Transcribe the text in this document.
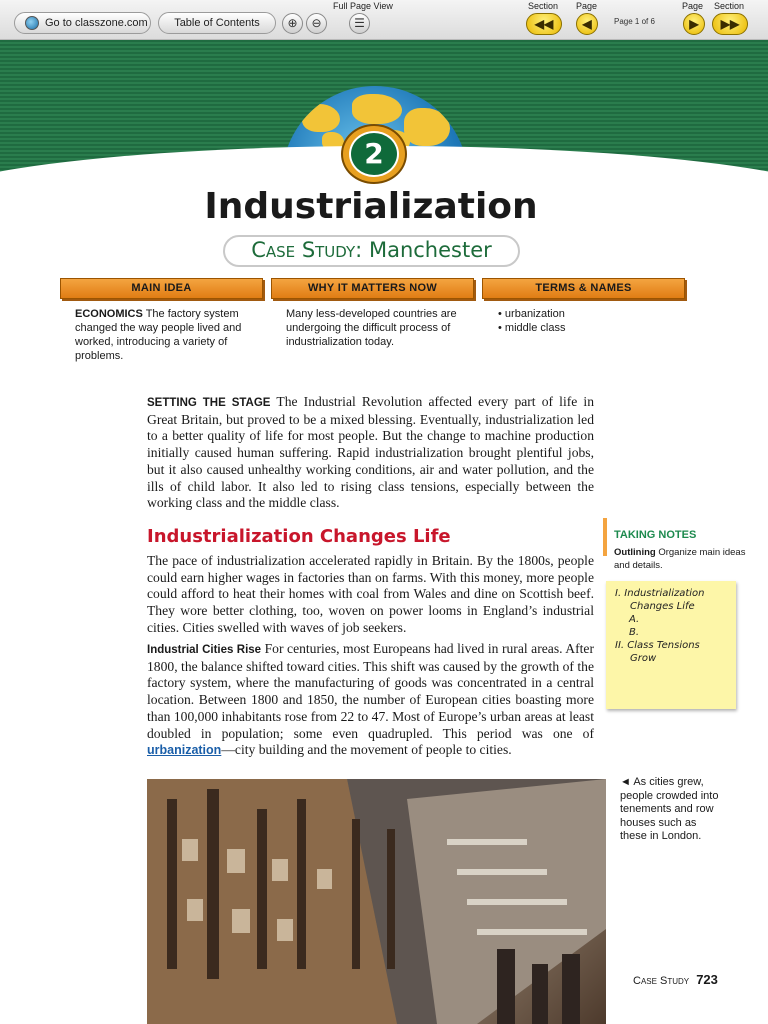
Go to classzone.com	Table of Contents	⊕	⊖
Full Page View
☰
Section
◀◀
Page
◀	Page 1 of 6
Page
▶
Section
▶▶
2
Industrialization
Case Study: Manchester
MAIN IDEA	WHY IT MATTERS NOW	TERMS & NAMES
ECONOMICS The factory system changed the way people lived and worked, introducing a variety of problems.
Many less-developed countries are undergoing the difficult process of industrialization today.
• urbanization
• middle class
SETTING THE STAGE The Industrial Revolution affected every part of life in Great Britain, but proved to be a mixed blessing. Eventually, industrialization led to a better quality of life for most people. But the change to machine production initially caused human suffering. Rapid industrialization brought plentiful jobs, but it also caused unhealthy working conditions, air and water pollution, and the ills of child labor. It also led to rising class tensions, especially between the working class and the middle class.
Industrialization Changes Life
The pace of industrialization accelerated rapidly in Britain. By the 1800s, people could earn higher wages in factories than on farms. With this money, more people could afford to heat their homes with coal from Wales and dine on Scottish beef. They wore better clothing, too, woven on power looms in England’s industrial cities. Cities swelled with waves of job seekers.
Industrial Cities Rise For centuries, most Europeans had lived in rural areas. After 1800, the balance shifted toward cities. This shift was caused by the growth of the factory system, where the manufacturing of goods was concentrated in a central location. Between 1800 and 1850, the number of European cities boasting more than 100,000 inhabitants rose from 22 to 47. Most of Europe’s urban areas at least doubled in population; some even quadrupled. This period was one of urbanization—city building and the movement of people to cities.
TAKING NOTES
Outlining Organize main ideas and details.
I. Industrialization
Changes Life
A.
B.
II. Class Tensions
Grow
◄ As cities grew, people crowded into tenements and row houses such as these in London.
Case Study 723
